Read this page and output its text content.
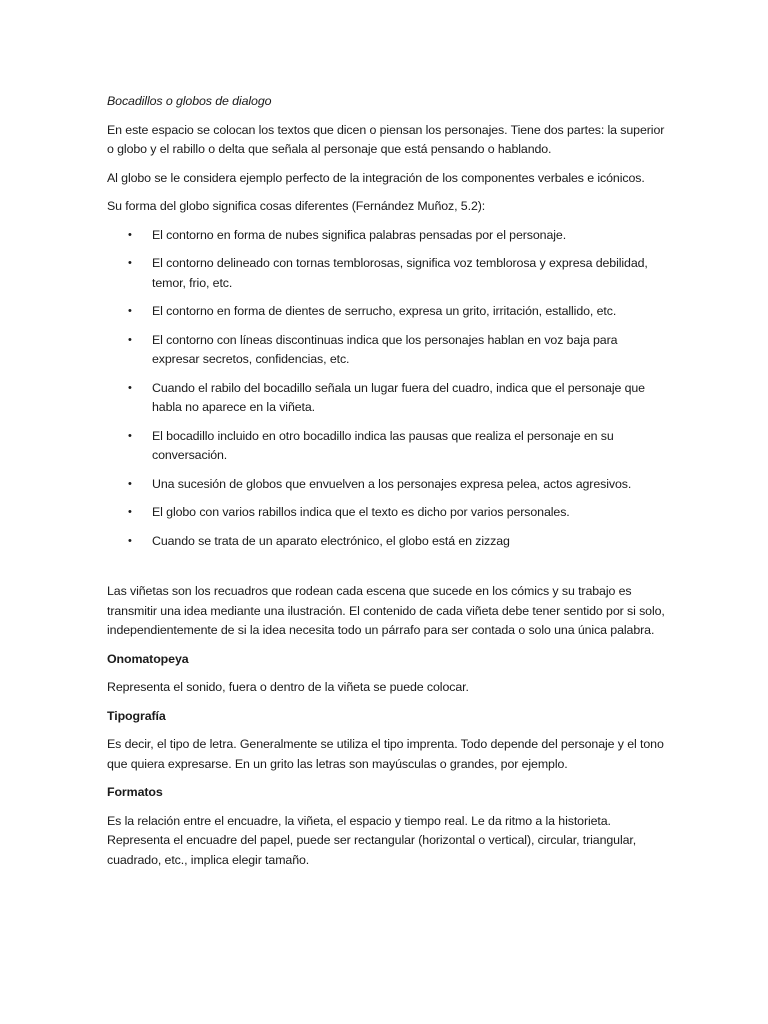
Bocadillos o globos de dialogo

En este espacio se colocan los textos que dicen o piensan los personajes. Tiene dos partes: la superior o globo y el rabillo o delta que señala al personaje que está pensando o hablando.

Al globo se le considera ejemplo perfecto de la integración de los componentes verbales e icónicos.

Su forma del globo significa cosas diferentes (Fernández Muñoz, 5.2):

• El contorno en forma de nubes significa palabras pensadas por el personaje.
• El contorno delineado con tornas temblorosas, significa voz temblorosa y expresa debilidad, temor, frio, etc.
• El contorno en forma de dientes de serrucho, expresa un grito, irritación, estallido, etc.
• El contorno con líneas discontinuas indica que los personajes hablan en voz baja para expresar secretos, confidencias, etc.
• Cuando el rabilo del bocadillo señala un lugar fuera del cuadro, indica que el personaje que habla no aparece en la viñeta.
• El bocadillo incluido en otro bocadillo indica las pausas que realiza el personaje en su conversación.
• Una sucesión de globos que envuelven a los personajes expresa pelea, actos agresivos.
• El globo con varios rabillos indica que el texto es dicho por varios personales.
• Cuando se trata de un aparato electrónico, el globo está en zizzag

Las viñetas son los recuadros que rodean cada escena que sucede en los cómics y su trabajo es transmitir una idea mediante una ilustración. El contenido de cada viñeta debe tener sentido por si solo, independientemente de si la idea necesita todo un párrafo para ser contada o solo una única palabra.

Onomatopeya

Representa el sonido, fuera o dentro de la viñeta se puede colocar.

Tipografía

Es decir, el tipo de letra. Generalmente se utiliza el tipo imprenta. Todo depende del personaje y el tono que quiera expresarse. En un grito las letras son mayúsculas o grandes, por ejemplo.

Formatos

Es la relación entre el encuadre, la viñeta, el espacio y tiempo real. Le da ritmo a la historieta. Representa el encuadre del papel, puede ser rectangular (horizontal o vertical), circular, triangular, cuadrado, etc., implica elegir tamaño.
